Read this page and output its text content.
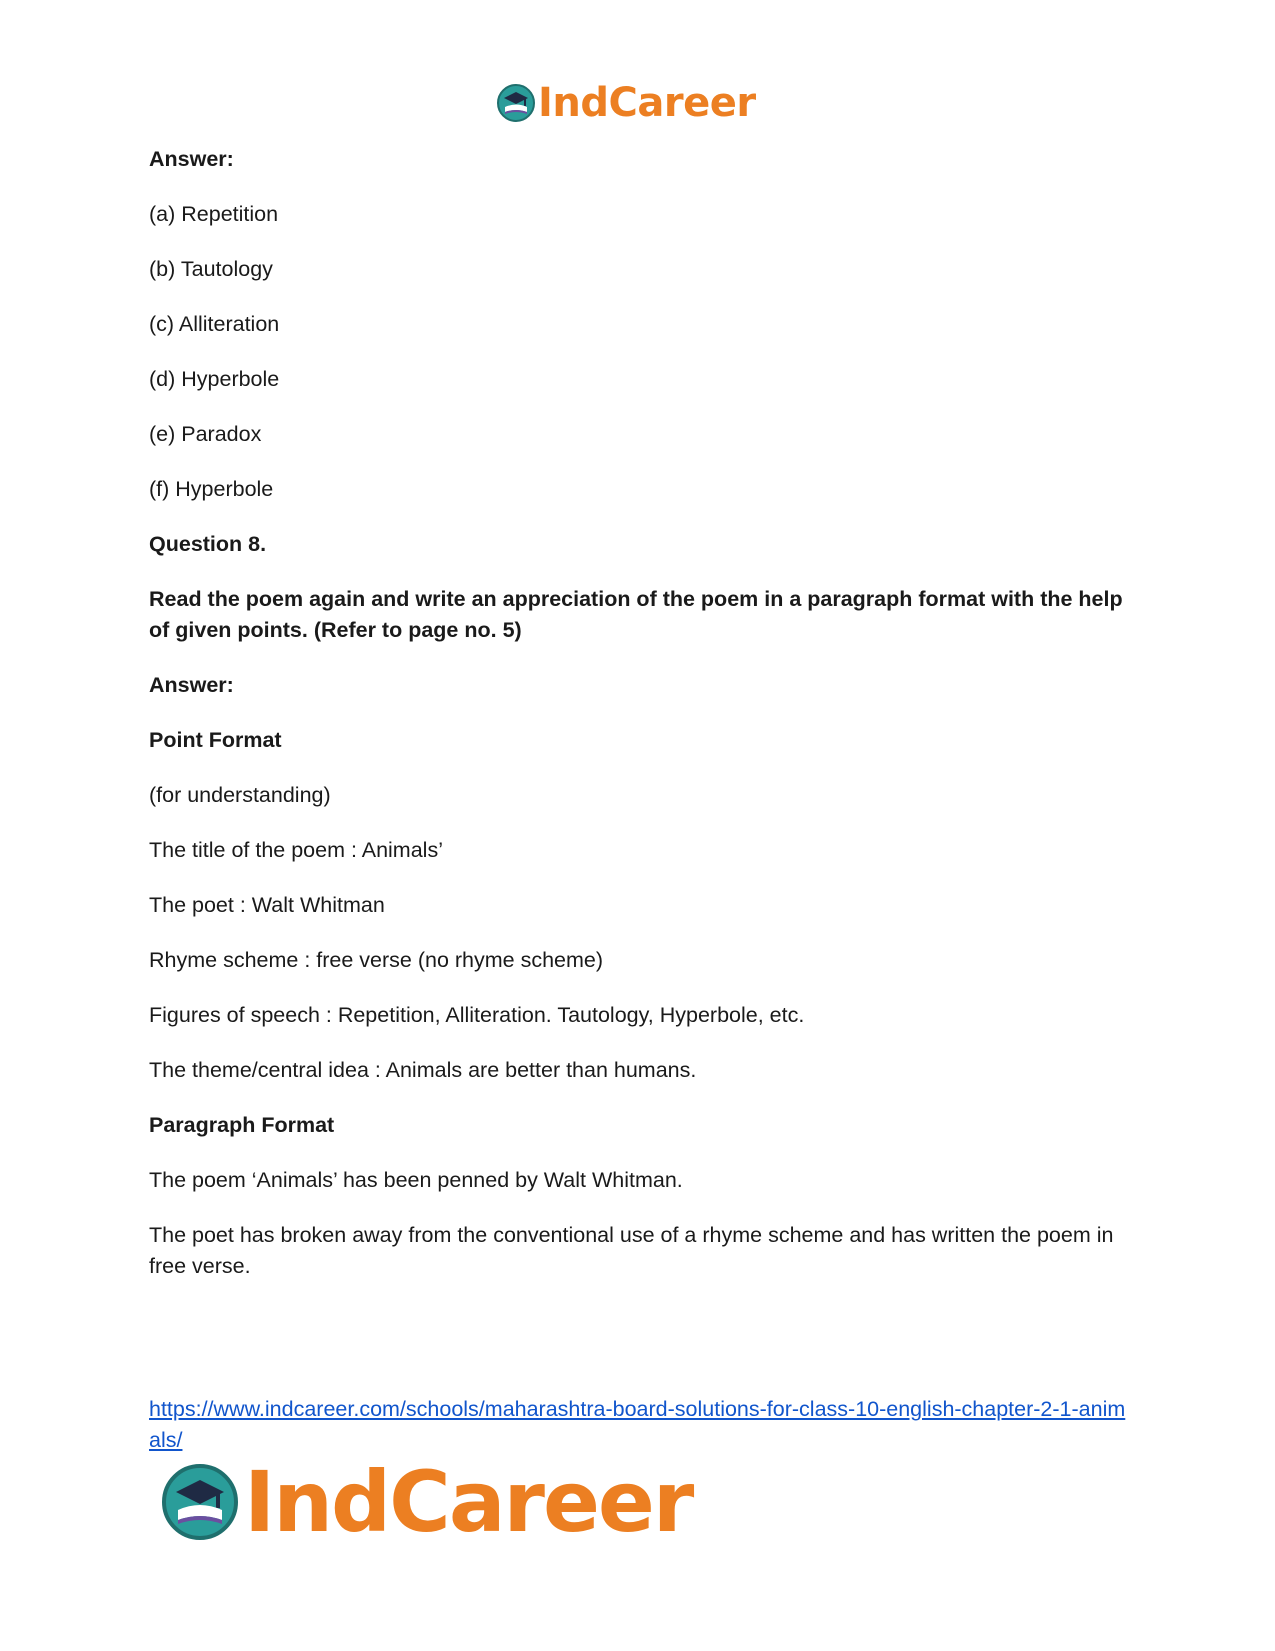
IndCareer

Answer:

(a) Repetition

(b) Tautology

(c) Alliteration

(d) Hyperbole

(e) Paradox

(f) Hyperbole

Question 8.

Read the poem again and write an appreciation of the poem in a paragraph format with the help of given points. (Refer to page no. 5)

Answer:

Point Format

(for understanding)

The title of the poem : Animals’

The poet : Walt Whitman

Rhyme scheme : free verse (no rhyme scheme)

Figures of speech : Repetition, Alliteration. Tautology, Hyperbole, etc.

The theme/central idea : Animals are better than humans.

Paragraph Format

The poem ‘Animals’ has been penned by Walt Whitman.

The poet has broken away from the conventional use of a rhyme scheme and has written the poem in free verse.

https://www.indcareer.com/schools/maharashtra-board-solutions-for-class-10-english-chapter-2-1-animals/
IndCareer
